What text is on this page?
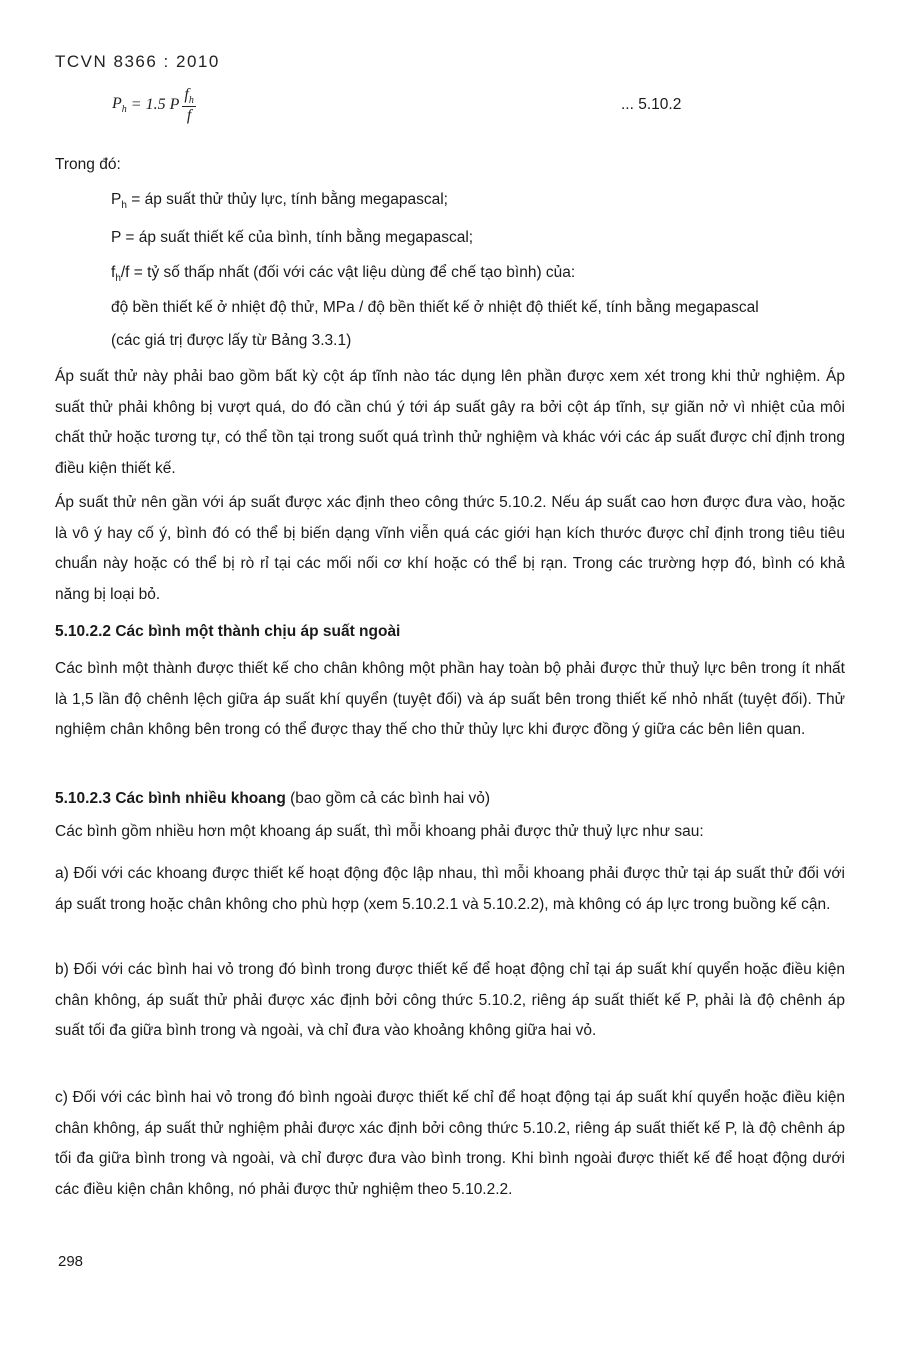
TCVN 8366 : 2010
$P_h = 1.5$ P $\frac{f_h}{f}$	... 5.10.2

Trong đó:

$P_h$ = áp suất thử thủy lực, tính bằng megapascal;

P = áp suất thiết kế của bình, tính bằng megapascal;

$f_h/f$ = tỷ số thấp nhất (đối với các vật liệu dùng để chế tạo bình) của:

độ bền thiết kế ở nhiệt độ thử, MPa / độ bền thiết kế ở nhiệt độ thiết kế, tính bằng megapascal

(các giá trị được lấy từ Bảng 3.3.1)

Áp suất thử này phải bao gồm bất kỳ cột áp tĩnh nào tác dụng lên phần được xem xét trong khi thử nghiệm. Áp suất thử phải không bị vượt quá, do đó cần chú ý tới áp suất gây ra bởi cột áp tĩnh, sự giãn nở vì nhiệt của môi chất thử hoặc tương tự, có thể tồn tại trong suốt quá trình thử nghiệm và khác với các áp suất được chỉ định trong điều kiện thiết kế.

Áp suất thử nên gần với áp suất được xác định theo công thức 5.10.2. Nếu áp suất cao hơn được đưa vào, hoặc là vô ý hay cố ý, bình đó có thể bị biến dạng vĩnh viễn quá các giới hạn kích thước được chỉ định trong tiêu tiêu chuẩn này hoặc có thể bị rò rỉ tại các mối nối cơ khí hoặc có thể bị rạn. Trong các trường hợp đó, bình có khả năng bị loại bỏ.

5.10.2.2 Các bình một thành chịu áp suất ngoài

Các bình một thành được thiết kế cho chân không một phần hay toàn bộ phải được thử thuỷ lực bên trong ít nhất là 1,5 lần độ chênh lệch giữa áp suất khí quyển (tuyệt đối) và áp suất bên trong thiết kế nhỏ nhất (tuyệt đối). Thử nghiệm chân không bên trong có thể được thay thế cho thử thủy lực khi được đồng ý giữa các bên liên quan.

5.10.2.3 Các bình nhiều khoang (bao gồm cả các bình hai vỏ)

Các bình gồm nhiều hơn một khoang áp suất, thì mỗi khoang phải được thử thuỷ lực như sau:

a) Đối với các khoang được thiết kế hoạt động độc lập nhau, thì mỗi khoang phải được thử tại áp suất thử đối với áp suất trong hoặc chân không cho phù hợp (xem 5.10.2.1 và 5.10.2.2), mà không có áp lực trong buồng kế cận.

b) Đối với các bình hai vỏ trong đó bình trong được thiết kế để hoạt động chỉ tại áp suất khí quyển hoặc điều kiện chân không, áp suất thử phải được xác định bởi công thức 5.10.2, riêng áp suất thiết kế P, phải là độ chênh áp suất tối đa giữa bình trong và ngoài, và chỉ đưa vào khoảng không giữa hai vỏ.

c) Đối với các bình hai vỏ trong đó bình ngoài được thiết kế chỉ để hoạt động tại áp suất khí quyển hoặc điều kiện chân không, áp suất thử nghiệm phải được xác định bởi công thức 5.10.2, riêng áp suất thiết kế P, là độ chênh áp tối đa giữa bình trong và ngoài, và chỉ được đưa vào bình trong. Khi bình ngoài được thiết kế để hoạt động dưới các điều kiện chân không, nó phải được thử nghiệm theo 5.10.2.2.

298
